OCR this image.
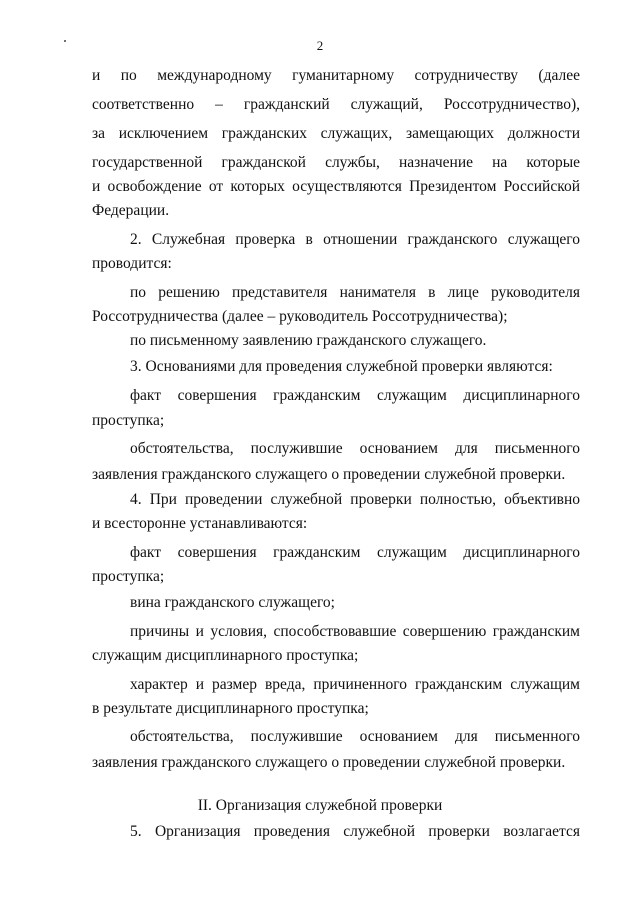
2
и по международному гуманитарному сотрудничеству (далее
соответственно – гражданский служащий, Россотрудничество),
за исключением гражданских служащих, замещающих должности
государственной гражданской службы, назначение на которые
и освобождение от которых осуществляются Президентом Российской
Федерации.
2. Служебная проверка в отношении гражданского служащего
проводится:
по решению представителя нанимателя в лице руководителя
Россотрудничества (далее – руководитель Россотрудничества);
по письменному заявлению гражданского служащего.
3. Основаниями для проведения служебной проверки являются:
факт совершения гражданским служащим дисциплинарного
проступка;
обстоятельства, послужившие основанием для письменного
заявления гражданского служащего о проведении служебной проверки.
4. При проведении служебной проверки полностью, объективно
и всесторонне устанавливаются:
факт совершения гражданским служащим дисциплинарного
проступка;
вина гражданского служащего;
причины и условия, способствовавшие совершению гражданским
служащим дисциплинарного проступка;
характер и размер вреда, причиненного гражданским служащим
в результате дисциплинарного проступка;
обстоятельства, послужившие основанием для письменного
заявления гражданского служащего о проведении служебной проверки.
II. Организация служебной проверки
5. Организация проведения служебной проверки возлагается
